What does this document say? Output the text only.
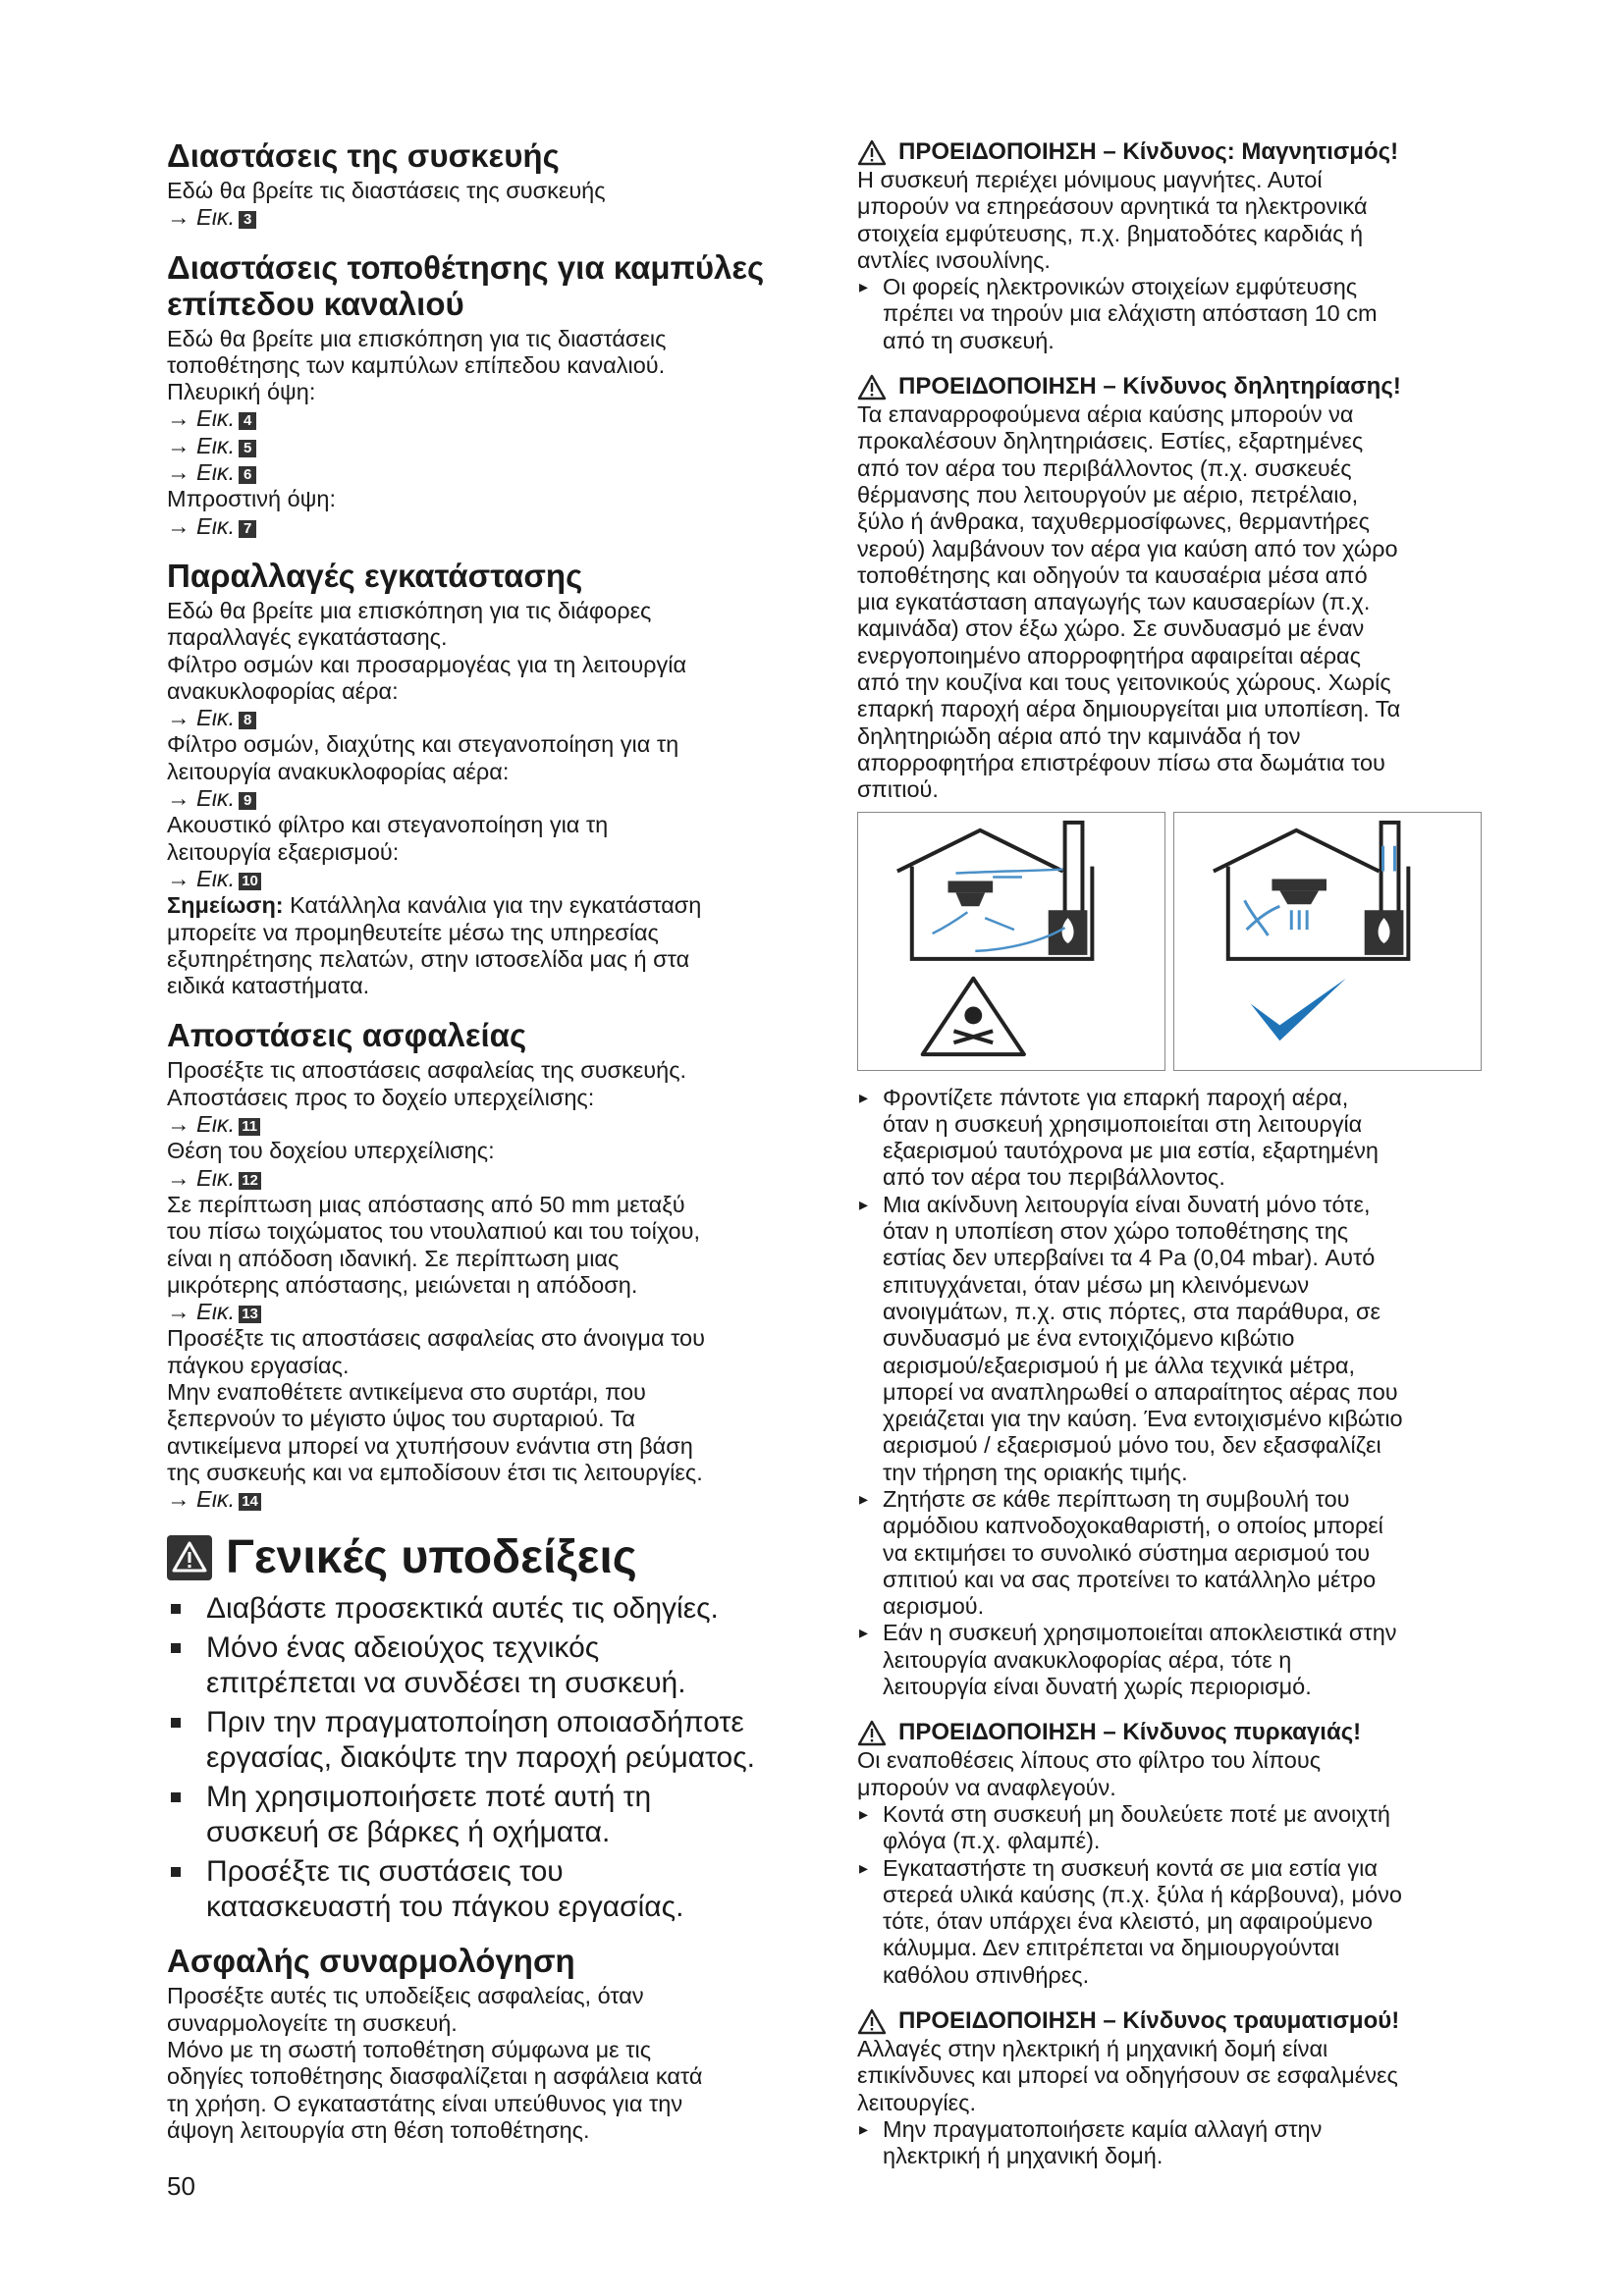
Διαστάσεις της συσκευής

Εδώ θα βρείτε τις διαστάσεις της συσκευής

→ Εικ. 3

Διαστάσεις τοποθέτησης για καμπύλες
επίπεδου καναλιού

Εδώ θα βρείτε μια επισκόπηση για τις διαστάσεις

τοποθέτησης των καμπύλων επίπεδου καναλιού.

Πλευρική όψη:

→ Εικ. 4

→ Εικ. 5

→ Εικ. 6

Μπροστινή όψη:

→ Εικ. 7

Παραλλαγές εγκατάστασης

Εδώ θα βρείτε μια επισκόπηση για τις διάφορες

παραλλαγές εγκατάστασης.

Φίλτρο οσμών και προσαρμογέας για τη λειτουργία

ανακυκλοφορίας αέρα:

→ Εικ. 8

Φίλτρο οσμών, διαχύτης και στεγανοποίηση για τη

λειτουργία ανακυκλοφορίας αέρα:

→ Εικ. 9

Ακουστικό φίλτρο και στεγανοποίηση για τη

λειτουργία εξαερισμού:

→ Εικ. 10

Σημείωση: Κατάλληλα κανάλια για την εγκατάσταση

μπορείτε να προμηθευτείτε μέσω της υπηρεσίας

εξυπηρέτησης πελατών, στην ιστοσελίδα μας ή στα

ειδικά καταστήματα.

Αποστάσεις ασφαλείας

Προσέξτε τις αποστάσεις ασφαλείας της συσκευής.

Αποστάσεις προς το δοχείο υπερχείλισης:

→ Εικ. 11

Θέση του δοχείου υπερχείλισης:

→ Εικ. 12

Σε περίπτωση μιας απόστασης από 50 mm μεταξύ

του πίσω τοιχώματος του ντουλαπιού και του τοίχου,

είναι η απόδοση ιδανική. Σε περίπτωση μιας

μικρότερης απόστασης, μειώνεται η απόδοση.

→ Εικ. 13

Προσέξτε τις αποστάσεις ασφαλείας στο άνοιγμα του

πάγκου εργασίας.

Μην εναποθέτετε αντικείμενα στο συρτάρι, που

ξεπερνούν το μέγιστο ύψος του συρταριού. Τα

αντικείμενα μπορεί να χτυπήσουν ενάντια στη βάση

της συσκευής και να εμποδίσουν έτσι τις λειτουργίες.

→ Εικ. 14

Γενικές υποδείξεις
Διαβάστε προσεκτικά αυτές τις οδηγίες.
Μόνο ένας αδειούχος τεχνικός
επιτρέπεται να συνδέσει τη συσκευή.
Πριν την πραγματοποίηση οποιασδήποτε
εργασίας, διακόψτε την παροχή ρεύματος.
Μη χρησιμοποιήσετε ποτέ αυτή τη
συσκευή σε βάρκες ή οχήματα.
Προσέξτε τις συστάσεις του
κατασκευαστή του πάγκου εργασίας.
Ασφαλής συναρμολόγηση

Προσέξτε αυτές τις υποδείξεις ασφαλείας, όταν

συναρμολογείτε τη συσκευή.

Μόνο με τη σωστή τοποθέτηση σύμφωνα με τις

οδηγίες τοποθέτησης διασφαλίζεται η ασφάλεια κατά

τη χρήση. Ο εγκαταστάτης είναι υπεύθυνος για την

άψογη λειτουργία στη θέση τοποθέτησης.

ΠΡΟΕΙΔΟΠΟΙΗΣΗ – Κίνδυνος: Μαγνητισμός!

Η συσκευή περιέχει μόνιμους μαγνήτες. Αυτοί

μπορούν να επηρεάσουν αρνητικά τα ηλεκτρονικά

στοιχεία εμφύτευσης, π.χ. βηματοδότες καρδιάς ή

αντλίες ινσουλίνης.

▸ Οι φορείς ηλεκτρονικών στοιχείων εμφύτευσης
πρέπει να τηρούν μια ελάχιστη απόσταση 10 cm
από τη συσκευή.

ΠΡΟΕΙΔΟΠΟΙΗΣΗ – Κίνδυνος δηλητηρίασης!

Τα επαναρροφούμενα αέρια καύσης μπορούν να

προκαλέσουν δηλητηριάσεις. Εστίες, εξαρτημένες

από τον αέρα του περιβάλλοντος (π.χ. συσκευές

θέρμανσης που λειτουργούν με αέριο, πετρέλαιο,

ξύλο ή άνθρακα, ταχυθερμοσίφωνες, θερμαντήρες

νερού) λαμβάνουν τον αέρα για καύση από τον χώρο

τοποθέτησης και οδηγούν τα καυσαέρια μέσα από

μια εγκατάσταση απαγωγής των καυσαερίων (π.χ.

καμινάδα) στον έξω χώρο. Σε συνδυασμό με έναν

ενεργοποιημένο απορροφητήρα αφαιρείται αέρας

από την κουζίνα και τους γειτονικούς χώρους. Χωρίς

επαρκή παροχή αέρα δημιουργείται μια υποπίεση. Τα

δηλητηριώδη αέρια από την καμινάδα ή τον

απορροφητήρα επιστρέφουν πίσω στα δωμάτια του

σπιτιού.

▸ Φροντίζετε πάντοτε για επαρκή παροχή αέρα,
όταν η συσκευή χρησιμοποιείται στη λειτουργία
εξαερισμού ταυτόχρονα με μια εστία, εξαρτημένη
από τον αέρα του περιβάλλοντος.
▸ Μια ακίνδυνη λειτουργία είναι δυνατή μόνο τότε,
όταν η υποπίεση στον χώρο τοποθέτησης της
εστίας δεν υπερβαίνει τα 4 Pa (0,04 mbar). Αυτό
επιτυγχάνεται, όταν μέσω μη κλεινόμενων
ανοιγμάτων, π.χ. στις πόρτες, στα παράθυρα, σε
συνδυασμό με ένα εντοιχιζόμενο κιβώτιο
αερισμού/εξαερισμού ή με άλλα τεχνικά μέτρα,
μπορεί να αναπληρωθεί ο απαραίτητος αέρας που
χρειάζεται για την καύση. Ένα εντοιχισμένο κιβώτιο
αερισμού / εξαερισμού μόνο του, δεν εξασφαλίζει
την τήρηση της οριακής τιμής.
▸ Ζητήστε σε κάθε περίπτωση τη συμβουλή του
αρμόδιου καπνοδοχοκαθαριστή, ο οποίος μπορεί
να εκτιμήσει το συνολικό σύστημα αερισμού του
σπιτιού και να σας προτείνει το κατάλληλο μέτρο
αερισμού.
▸ Εάν η συσκευή χρησιμοποιείται αποκλειστικά στην
λειτουργία ανακυκλοφορίας αέρα, τότε η
λειτουργία είναι δυνατή χωρίς περιορισμό.

ΠΡΟΕΙΔΟΠΟΙΗΣΗ – Κίνδυνος πυρκαγιάς!

Οι εναποθέσεις λίπους στο φίλτρο του λίπους

μπορούν να αναφλεγούν.

▸ Κοντά στη συσκευή μη δουλεύετε ποτέ με ανοιχτή
φλόγα (π.χ. φλαμπέ).
▸ Εγκαταστήστε τη συσκευή κοντά σε μια εστία για
στερεά υλικά καύσης (π.χ. ξύλα ή κάρβουνα), μόνο
τότε, όταν υπάρχει ένα κλειστό, μη αφαιρούμενο
κάλυμμα. Δεν επιτρέπεται να δημιουργούνται
καθόλου σπινθήρες.

ΠΡΟΕΙΔΟΠΟΙΗΣΗ – Κίνδυνος τραυματισμού!

Αλλαγές στην ηλεκτρική ή μηχανική δομή είναι

επικίνδυνες και μπορεί να οδηγήσουν σε εσφαλμένες

λειτουργίες.

▸ Μην πραγματοποιήσετε καμία αλλαγή στην
ηλεκτρική ή μηχανική δομή.
50
